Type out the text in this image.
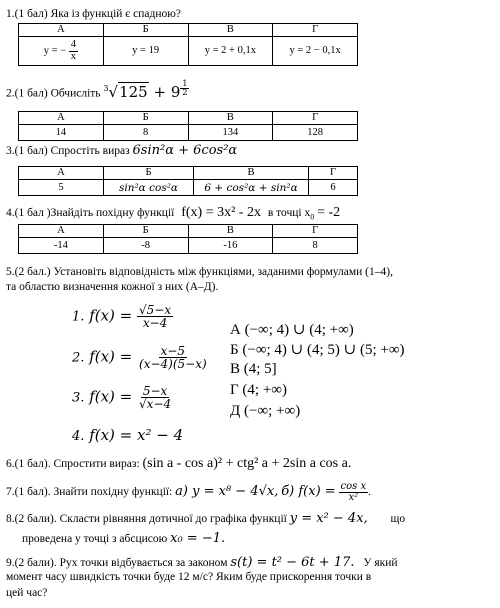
1.(1 бал) Яка із функцій є спадною?
А	Б	В	Г
у = − $\frac{4}{х}$	у = 19	у = 2 + 0,1х	у = 2 − 0,1х
2.(1 бал) Обчисліть $^3$√125 + 9 $^{\frac{1}{2}}$
А	Б	В	Г
14	8	134	128
3.(1 бал) Спростіть вираз 6sin²α + 6cos²α
А	Б	В	Г
5	sin²α cos²α	6 + cos²α + sin²α	6
4.(1 бал )Знайдіть похідну функції f(x) = 3x² - 2x в точці $x_0 = -2$
А	Б	В	Г
-14	-8	-16	8
5.(2 бал.) Установіть відповідність між функціями, заданими формулами (1–4),
та областю визначення кожної з них (А–Д).
1. $f(x) = \frac{√5-x}{x-4}$
2. $f(x) = \frac{x-5}{(x-4)(5-x)}$
3. $f(x) = \frac{5-x}{√x-4}$
4. f(x) = x² − 4
А (−∞; 4) ∪ (4; +∞)
Б (−∞; 4) ∪ (4; 5) ∪ (5; +∞)
В (4; 5]
Г (4; +∞)
Д (−∞; +∞)
6.(1 бал). Спростити вираз: (sin a - cos a)² + ctg² a + 2sin a cos a.
7.(1 бал). Знайти похідну функції: а) y = x⁸ − 4√x, б) $f(x) = \frac{\text{cos x}}{\text{x²}}$ .
8.(2 бали). Скласти рівняння дотичної до графіка функції y = x² − 4x, що
проведена у точці з абсцисою x₀ = −1.
9.(2 бали). Рух точки відбувається за законом s(t) = t² − 6t + 17. У який
момент часу швидкість точки буде 12 м/с? Яким буде прискорення точки в
цей час?
